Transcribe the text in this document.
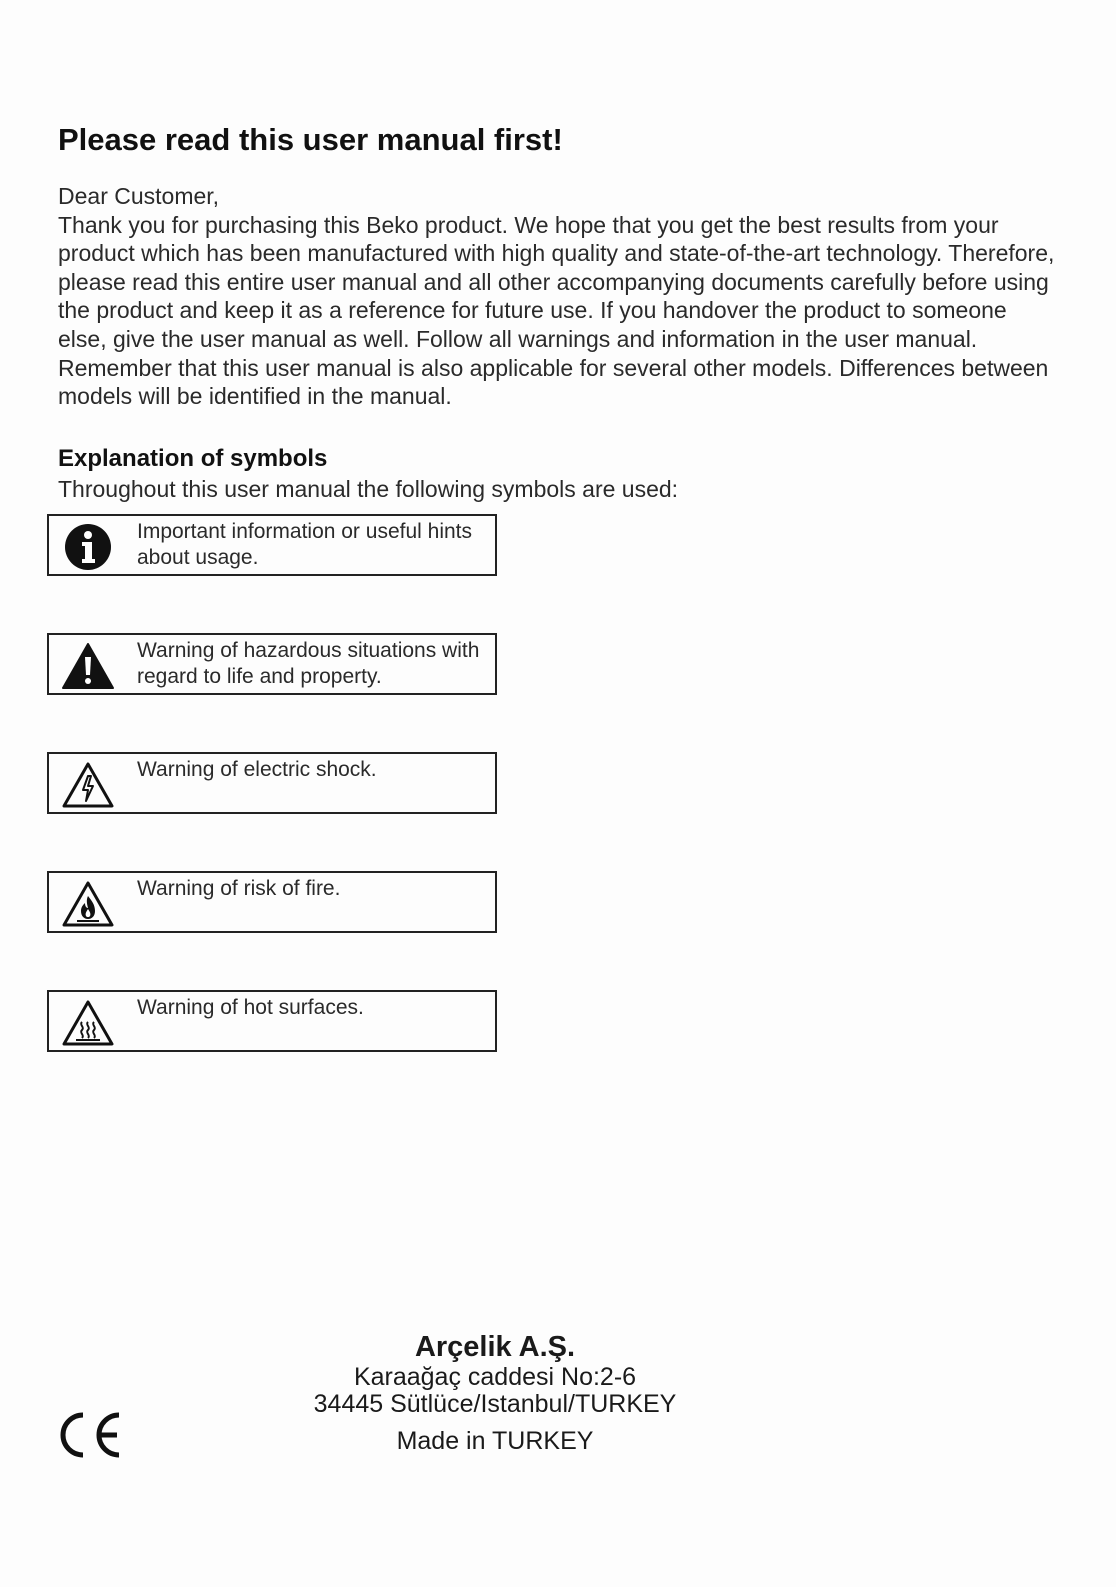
Please read this user manual first!

Dear Customer,

Thank you for purchasing this Beko product. We hope that you get the best results from your product which has been manufactured with high quality and state-of-the-art technology. Therefore, please read this entire user manual and all other accompanying documents carefully before using the product and keep it as a reference for future use. If you handover the product to someone else, give the user manual as well. Follow all warnings and information in the user manual.

Remember that this user manual is also applicable for several other models. Differences between models will be identified in the manual.

Explanation of symbols

Throughout this user manual the following symbols are used:

Important information or useful hints about usage.
Warning of hazardous situations with regard to life and property.
Warning of electric shock.
Warning of risk of fire.
Warning of hot surfaces.
Arçelik A.Ş.
Karaağaç caddesi No:2-6
34445 Sütlüce/Istanbul/TURKEY
Made in TURKEY
